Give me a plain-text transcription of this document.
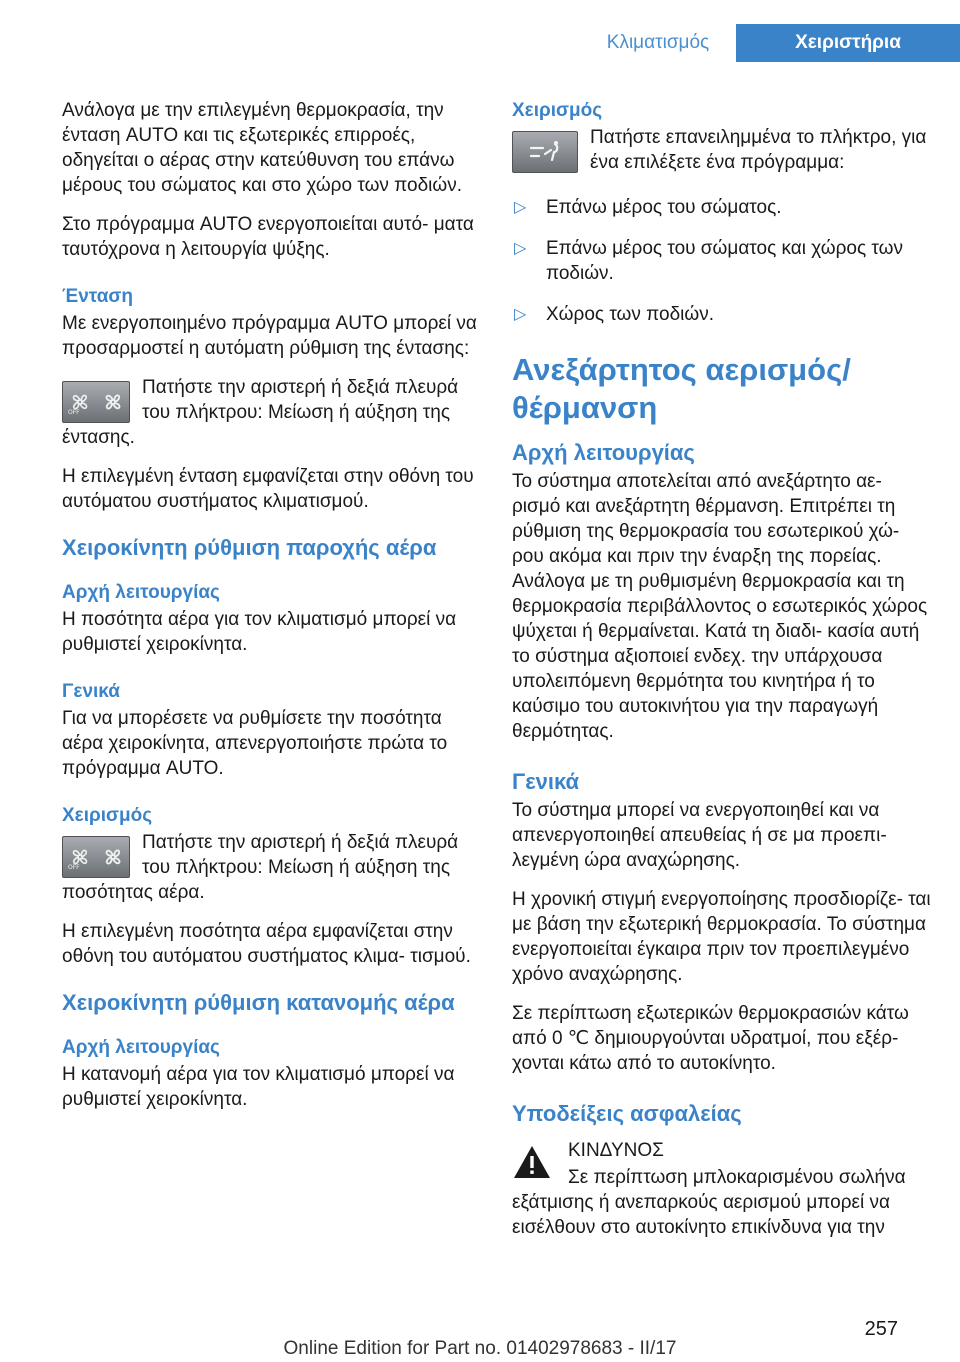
Κλιματισμός	Χειριστήρια

Ανάλογα με την επιλεγμένη θερμοκρασία, την ένταση AUTO και τις εξωτερικές επιρροές, οδηγείται ο αέρας στην κατεύθυνση του επάνω μέρους του σώματος και στο χώρο των ποδιών.

Στο πρόγραμμα AUTO ενεργοποιείται αυτό- ματα ταυτόχρονα η λειτουργία ψύξης.

Ένταση

Με ενεργοποιημένο πρόγραμμα AUTO μπορεί να προσαρμοστεί η αυτόματη ρύθμιση της έντασης:

OFF

Πατήστε την αριστερή ή δεξιά πλευρά του πλήκτρου: Μείωση ή αύξηση της έντασης.

Η επιλεγμένη ένταση εμφανίζεται στην οθόνη του αυτόματου συστήματος κλιματισμού.

Χειροκίνητη ρύθμιση παροχής αέρα
Αρχή λειτουργίας

Η ποσότητα αέρα για τον κλιματισμό μπορεί να ρυθμιστεί χειροκίνητα.

Γενικά

Για να μπορέσετε να ρυθμίσετε την ποσότητα αέρα χειροκίνητα, απενεργοποιήστε πρώτα το πρόγραμμα AUTO.

Χειρισμός
OFF

Πατήστε την αριστερή ή δεξιά πλευρά του πλήκτρου: Μείωση ή αύξηση της ποσότητας αέρα.

Η επιλεγμένη ποσότητα αέρα εμφανίζεται στην οθόνη του αυτόματου συστήματος κλιμα- τισμού.

Χειροκίνητη ρύθμιση κατανομής αέρα
Αρχή λειτουργίας

Η κατανομή αέρα για τον κλιματισμό μπορεί να ρυθμιστεί χειροκίνητα.

Χειρισμός

Πατήστε επανειλημμένα το πλήκτρο, για ένα επιλέξετε ένα πρόγραμμα:

▷ Επάνω μέρος του σώματος.
▷ Επάνω μέρος του σώματος και χώρος των ποδιών.
▷ Χώρος των ποδιών.
Ανεξάρτητος αερισμός/ θέρμανση
Αρχή λειτουργίας

Το σύστημα αποτελείται από ανεξάρτητο αε- ρισμό και ανεξάρτητη θέρμανση. Επιτρέπει τη ρύθμιση της θερμοκρασία του εσωτερικού χώ- ρου ακόμα και πριν την έναρξη της πορείας. Ανάλογα με τη ρυθμισμένη θερμοκρασία και τη θερμοκρασία περιβάλλοντος ο εσωτερικός χώρος ψύχεται ή θερμαίνεται. Κατά τη διαδι- κασία αυτή το σύστημα αξιοποιεί ενδεχ. την υπάρχουσα υπολειπόμενη θερμότητα του κινητήρα ή το καύσιμο του αυτοκινήτου για την παραγωγή θερμότητας.

Γενικά

Το σύστημα μπορεί να ενεργοποιηθεί και να απενεργοποιηθεί απευθείας ή σε μα προεπι- λεγμένη ώρα αναχώρησης.

Η χρονική στιγμή ενεργοποίησης προσδιορίζε- ται με βάση την εξωτερική θερμοκρασία. Το σύστημα ενεργοποιείται έγκαιρα πριν τον προεπιλεγμένο χρόνο αναχώρησης.

Σε περίπτωση εξωτερικών θερμοκρασιών κάτω από 0 ℃ δημιουργούνται υδρατμοί, που εξέρ- χονται κάτω από το αυτοκίνητο.

Υποδείξεις ασφαλείας

ΚΙΝΔΥΝΟΣ

Σε περίπτωση μπλοκαρισμένου σωλήνα εξάτμισης ή ανεπαρκούς αερισμού μπορεί να εισέλθουν στο αυτοκίνητο επικίνδυνα για την

257
Online Edition for Part no. 01402978683 - II/17
